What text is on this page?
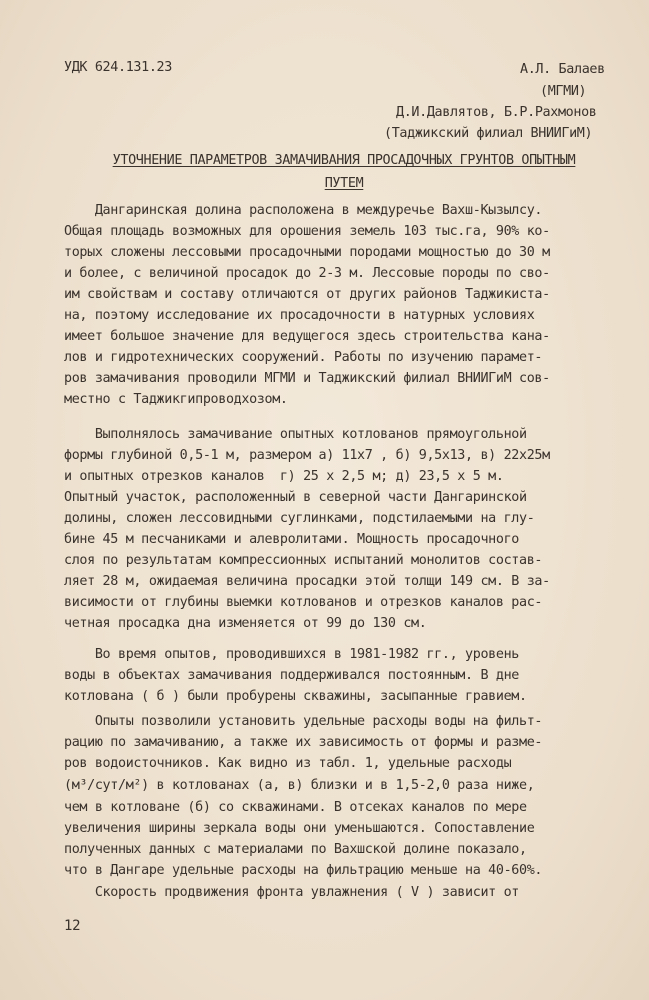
УДК 624.131.23	А.Л. Балаев
(МГМИ)
Д.И.Давлятов, Б.Р.Рахмонов
(Таджикский филиал ВНИИГиМ)
УТОЧНЕНИЕ ПАРАМЕТРОВ ЗАМАЧИВАНИЯ ПРОСАДОЧНЫХ ГРУНТОВ ОПЫТНЫМ
ПУТЕМ
Дангаринская долина расположена в междуречье Вахш-Кызылсу.
Общая площадь возможных для орошения земель 103 тыс.га, 90% ко-
торых сложены лессовыми просадочными породами мощностью до 30 м
и более, с величиной просадок до 2-3 м. Лессовые породы по сво-
им свойствам и составу отличаются от других районов Таджикиста-
на, поэтому исследование их просадочности в натурных условиях
имеет большое значение для ведущегося здесь строительства кана-
лов и гидротехнических сооружений. Работы по изучению парамет-
ров замачивания проводили МГМИ и Таджикский филиал ВНИИГиМ сов-
местно с Таджикгипроводхозом.
Выполнялось замачивание опытных котлованов прямоугольной
формы глубиной 0,5-1 м, размером а) 11х7 , б) 9,5х13, в) 22х25м
и опытных отрезков каналов  г) 25 х 2,5 м; д) 23,5 х 5 м.
Опытный участок, расположенный в северной части Дангаринской
долины, сложен лессовидными суглинками, подстилаемыми на глу-
бине 45 м песчаниками и алевролитами. Мощность просадочного
слоя по результатам компрессионных испытаний монолитов состав-
ляет 28 м, ожидаемая величина просадки этой толщи 149 см. В за-
висимости от глубины выемки котлованов и отрезков каналов рас-
четная просадка дна изменяется от 99 до 130 см.
Во время опытов, проводившихся в 1981-1982 гг., уровень
воды в объектах замачивания поддерживался постоянным. В дне
котлована ( б ) были пробурены скважины, засыпанные гравием.
Опыты позволили установить удельные расходы воды на фильт-
рацию по замачиванию, а также их зависимость от формы и разме-
ров водоисточников. Как видно из табл. 1, удельные расходы
(м³/сут/м²) в котлованах (а, в) близки и в 1,5-2,0 раза ниже,
чем в котловане (б) со скважинами. В отсеках каналов по мере
увеличения ширины зеркала воды они уменьшаются. Сопоставление
полученных данных с материалами по Вахшской долине показало,
что в Дангаре удельные расходы на фильтрацию меньше на 40-60%.
Скорость продвижения фронта увлажнения ( V ) зависит от
12
